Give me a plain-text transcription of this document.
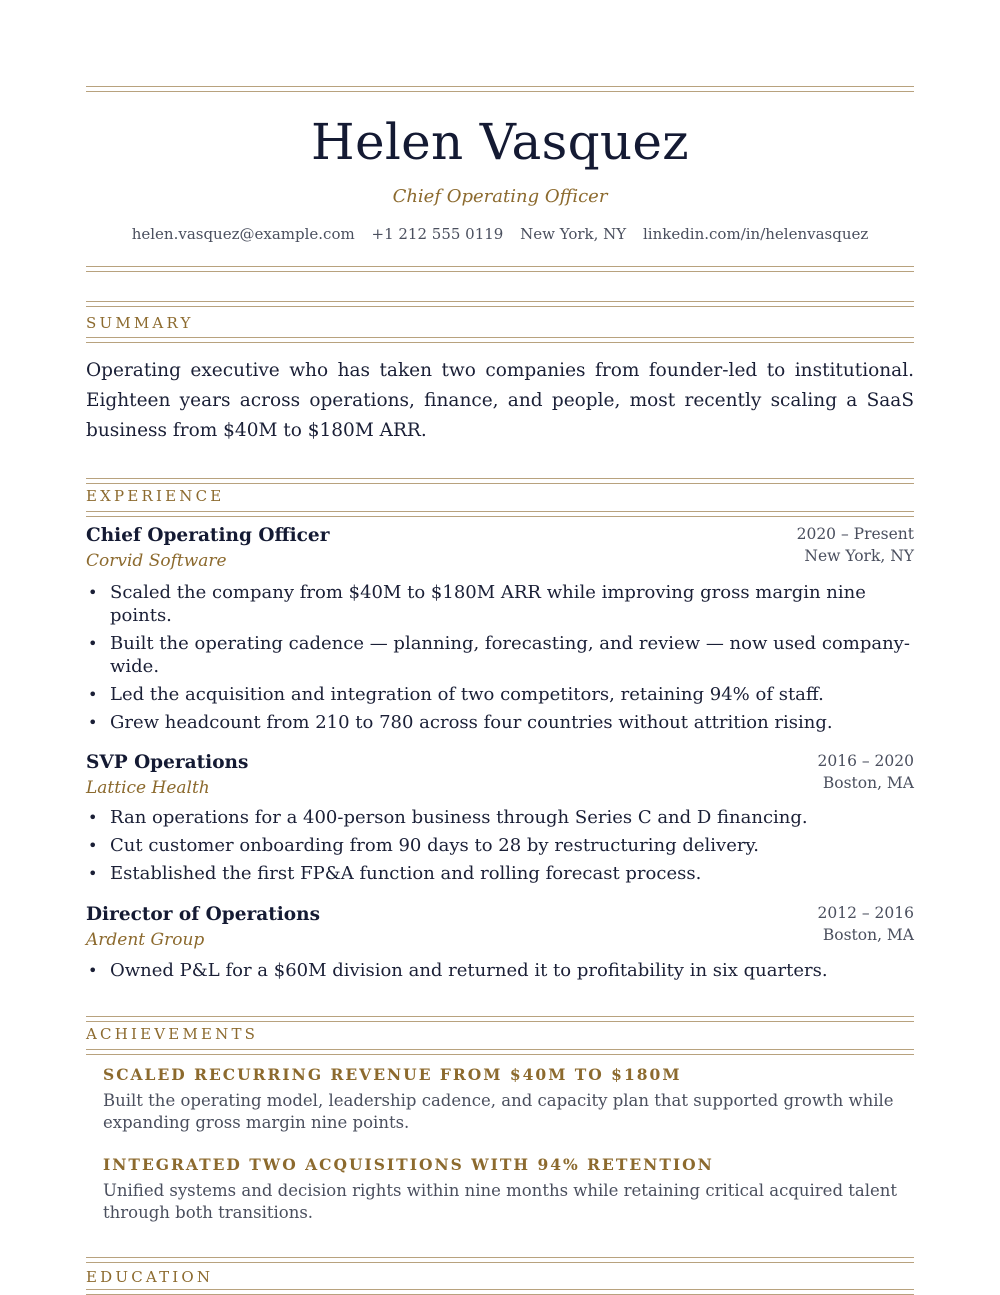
Helen Vasquez
Chief Operating Officer
helen.vasquez@example.com +1 212 555 0119 New York, NY linkedin.com/in/helenvasquez
SUMMARY
Operating executive who has taken two companies from founder-led to institutional. Eighteen years across operations, finance, and people, most recently scaling a SaaS business from $40M to $180M ARR.
EXPERIENCE
Chief Operating Officer
Corvid Software
2020 – Present
New York, NY
• Scaled the company from $40M to $180M ARR while improving gross margin nine points.
• Built the operating cadence — planning, forecasting, and review — now used company-wide.
• Led the acquisition and integration of two competitors, retaining 94% of staff.
• Grew headcount from 210 to 780 across four countries without attrition rising.
SVP Operations
Lattice Health
2016 – 2020
Boston, MA
• Ran operations for a 400-person business through Series C and D financing.
• Cut customer onboarding from 90 days to 28 by restructuring delivery.
• Established the first FP&A function and rolling forecast process.
Director of Operations
Ardent Group
2012 – 2016
Boston, MA
• Owned P&L for a $60M division and returned it to profitability in six quarters.
ACHIEVEMENTS
SCALED RECURRING REVENUE FROM $40M TO $180M
Built the operating model, leadership cadence, and capacity plan that supported growth while expanding gross margin nine points.
INTEGRATED TWO ACQUISITIONS WITH 94% RETENTION
Unified systems and decision rights within nine months while retaining critical acquired talent through both transitions.
EDUCATION
